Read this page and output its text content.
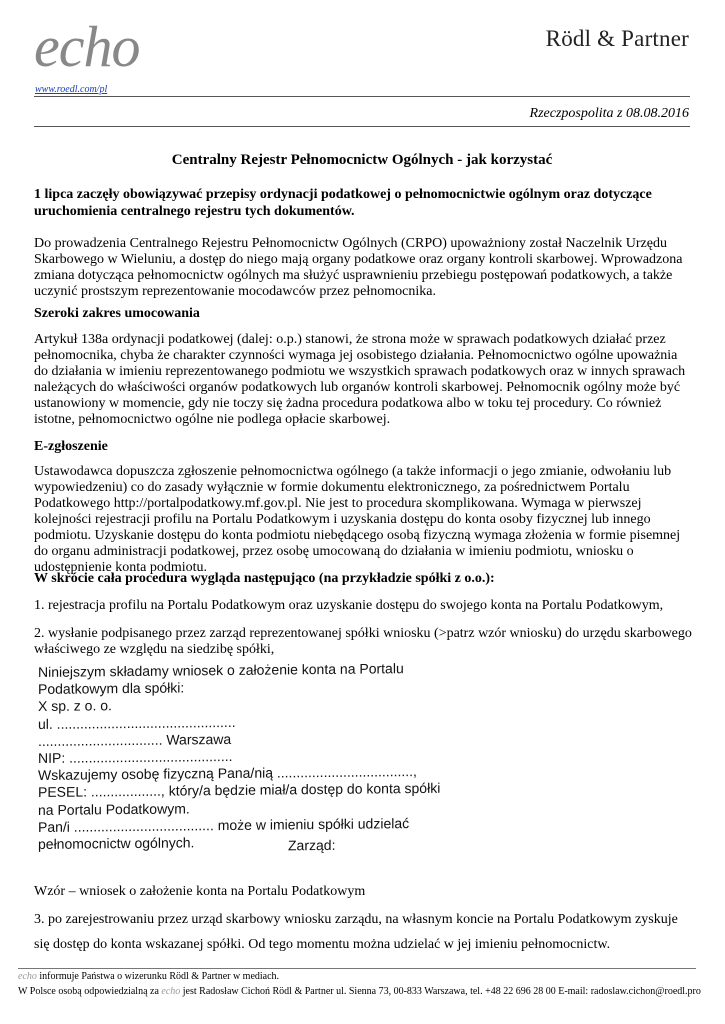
echo
www.roedl.com/pl
Rödl & Partner
Rzeczpospolita z 08.08.2016
Centralny Rejestr Pełnomocnictw Ogólnych - jak korzystać
1 lipca zaczęły obowiązywać przepisy ordynacji podatkowej o pełnomocnictwie ogólnym oraz dotyczące uruchomienia centralnego rejestru tych dokumentów.
Do prowadzenia Centralnego Rejestru Pełnomocnictw Ogólnych (CRPO) upoważniony został Naczelnik Urzędu Skarbowego w Wieluniu, a dostęp do niego mają organy podatkowe oraz organy kontroli skarbowej. Wprowadzona zmiana dotycząca pełnomocnictw ogólnych ma służyć usprawnieniu przebiegu postępowań podatkowych, a także uczynić prostszym reprezentowanie mocodawców przez pełnomocnika.
Szeroki zakres umocowania
Artykuł 138a ordynacji podatkowej (dalej: o.p.) stanowi, że strona może w sprawach podatkowych działać przez pełnomocnika, chyba że charakter czynności wymaga jej osobistego działania. Pełnomocnictwo ogólne upoważnia do działania w imieniu reprezentowanego podmiotu we wszystkich sprawach podatkowych oraz w innych sprawach należących do właściwości organów podatkowych lub organów kontroli skarbowej. Pełnomocnik ogólny może być ustanowiony w momencie, gdy nie toczy się żadna procedura podatkowa albo w toku tej procedury. Co również istotne, pełnomocnictwo ogólne nie podlega opłacie skarbowej.
E-zgłoszenie
Ustawodawca dopuszcza zgłoszenie pełnomocnictwa ogólnego (a także informacji o jego zmianie, odwołaniu lub wypowiedzeniu) co do zasady wyłącznie w formie dokumentu elektronicznego, za pośrednictwem Portalu Podatkowego http://portalpodatkowy.mf.gov.pl. Nie jest to procedura skomplikowana. Wymaga w pierwszej kolejności rejestracji profilu na Portalu Podatkowym i uzyskania dostępu do konta osoby fizycznej lub innego podmiotu. Uzyskanie dostępu do konta podmiotu niebędącego osobą fizyczną wymaga złożenia w formie pisemnej do organu administracji podatkowej, przez osobę umocowaną do działania w imieniu podmiotu, wniosku o udostępnienie konta podmiotu.
W skrócie cała procedura wygląda następująco (na przykładzie spółki z o.o.):
1. rejestracja profilu na Portalu Podatkowym oraz uzyskanie dostępu do swojego konta na Portalu Podatkowym,
2. wysłanie podpisanego przez zarząd reprezentowanej spółki wniosku (>patrz wzór wniosku) do urzędu skarbowego właściwego ze względu na siedzibę spółki,
Niniejszym składamy wniosek o założenie konta na Portalu
Podatkowym dla spółki:
X sp. z o. o.
ul. ..............................................
................................ Warszawa
NIP: ..........................................
Wskazujemy osobę fizyczną Pana/nią ...................................,
PESEL: .................., który/a będzie miał/a dostęp do konta spółki
na Portalu Podatkowym.
Pan/i .................................... może w imieniu spółki udzielać
pełnomocnictw ogólnych.	Zarząd:
Wzór – wniosek o założenie konta na Portalu Podatkowym
3. po zarejestrowaniu przez urząd skarbowy wniosku zarządu, na własnym koncie na Portalu Podatkowym zyskuje się dostęp do konta wskazanej spółki. Od tego momentu można udzielać w jej imieniu pełnomocnictw.
echo informuje Państwa o wizerunku Rödl & Partner w mediach.
W Polsce osobą odpowiedzialną za echo jest Radosław Cichoń Rödl & Partner ul. Sienna 73, 00-833 Warszawa, tel. +48 22 696 28 00 E-mail: radoslaw.cichon@roedl.pro
